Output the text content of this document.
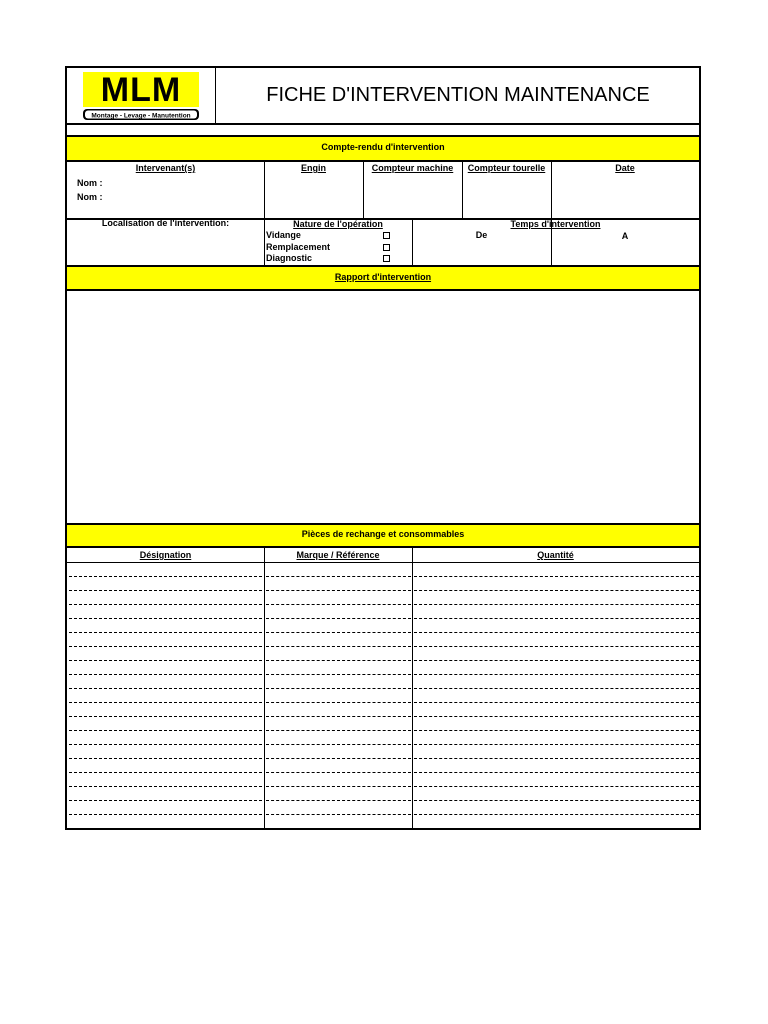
MLM
Montage - Levage - Manutention
FICHE D'INTERVENTION MAINTENANCE
Compte-rendu d'intervention
Intervenant(s)
Nom :
Nom :
Engin	Compteur machine	Compteur tourelle	Date
Localisation de l'intervention:	Nature de l'opération
Vidange
Remplacement
Diagnostic
Temps d'intervention
De	A
Rapport d'intervention
Pièces de rechange et consommables
Désignation	Marque / Référence	Quantité
